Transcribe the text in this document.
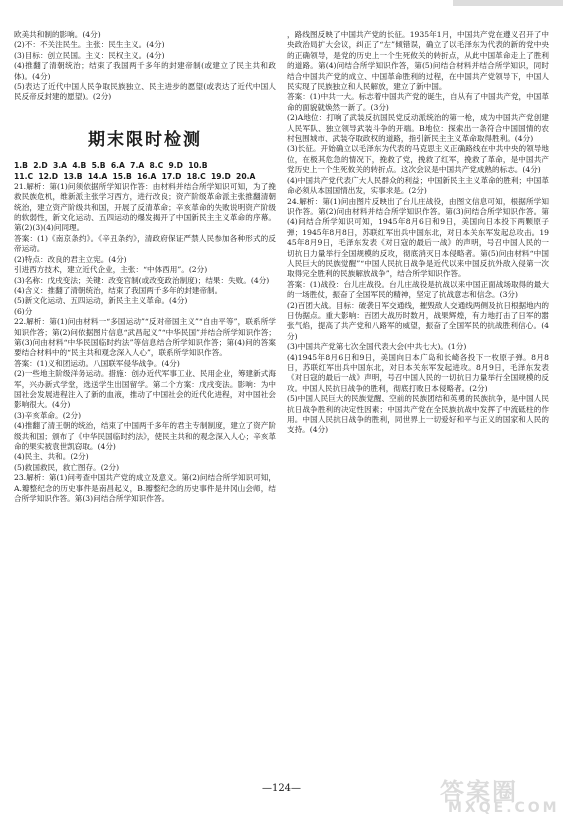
欧美共和制的影响。(4分)

(2)不：不关注民生。主张：民生主义。(4分)

(3)目标：创立民国。主义：民权主义。(4分)

(4)推翻了清朝统治；结束了我国两千多年的封建帝制(或建立了民主共和政体)。(4分)

(5)表达了近代中国人民争取民族独立、民主进步的愿望(或表达了近代中国人民反帝反封建的愿望)。(2分)

期末限时检测
1.B  2.D  3.A  4.B  5.B  6.A  7.A  8.C  9.D  10.B
11.C  12.D  13.B  14.A  15.B  16.A  17.D  18.C  19.D  20.A

21.解析：第(1)问须依据所学知识作答：由材料并结合所学知识可知，为了挽救民族危机，维新派主张学习西方，进行改良；资产阶级革命派主张推翻清朝统治，建立资产阶级共和国，开展了反清革命；辛亥革命的失败说明资产阶级的软弱性，新文化运动、五四运动的爆发揭开了中国新民主主义革命的序幕。第(2)(3)(4)问同理。

答案：(1)《南京条约》。《辛丑条约》，清政府保证严禁人民参加各种形式的反帝运动。

(2)特点：改良的君主立宪。(4分)

引进西方技术，建立近代企业，主张：“中体西用”。(2分)

(3)名称：戊戌变法；关键：改变官制(或改变政治制度)；结果：失败。(4分)

(4)含义：推翻了清朝统治，结束了我国两千多年的封建帝制。

(5)新文化运动、五四运动，新民主主义革命。(4分)

(6)分

22.解析：第(1)问由材料一“多国运动”“反对帝国主义”“自由平等”，联系所学知识作答；第(2)问依据图片信息“武昌起义”“中华民国”并结合所学知识作答；第(3)问由材料“中华民国临时约法”等信息结合所学知识作答；第(4)问的答案要结合材料中的“民主共和观念深入人心”，联系所学知识作答。

答案：(1)义和团运动。八国联军侵华战争。(4分)

(2)一些地主阶级洋务运动。措施：创办近代军事工业、民用企业，筹建新式海军，兴办新式学堂，选送学生出国留学。第二个方案：戊戌变法。影响：为中国社会发展进程注入了新的血液，推动了中国社会的近代化进程，对中国社会影响很大。(4分)

(3)辛亥革命。(2分)

(4)推翻了清王朝的统治，结束了中国两千多年的君主专制制度，建立了资产阶级共和国；颁布了《中华民国临时约法》，使民主共和的观念深入人心；辛亥革命的果实被袁世凯窃取。(4分)

(4)民主、共和。(2分)

(5)救国救民，救亡图存。(2分)

23.解析：第(1)问考查中国共产党的成立及意义。第(2)问结合所学知识可知，A.瓣整纪念的历史事件是南昌起义，B.瓣整纪念的历史事件是井冈山会师，结合所学知识作答。第(3)问结合所学知识作答。

，路线图反映了中国共产党的长征。1935年1月，中国共产党在遵义召开了中央政治局扩大会议，纠正了“左”倾错误，确立了以毛泽东为代表的新的党中央的正确领导，是党的历史上一个生死攸关的转折点，从此中国革命走上了胜利的道路。第(4)问结合所学知识作答，第(5)问结合材料并结合所学知识，同时结合中国共产党的成立、中国革命胜利的过程，在中国共产党领导下，中国人民实现了民族独立和人民解放，建立了新中国。

答案：(1)中共一大。标志着中国共产党的诞生，自从有了中国共产党，中国革命的面貌就焕然一新了。(3分)

(2)A地位：打响了武装反抗国民党反动派统治的第一枪，成为中国共产党创建人民军队、独立领导武装斗争的开端。B地位：探索出一条符合中国国情的农村包围城市、武装夺取政权的道路，指引新民主主义革命取得胜利。(4分)

(3)长征。开始确立以毛泽东为代表的马克思主义正确路线在中共中央的领导地位，在极其危急的情况下，挽救了党，挽救了红军，挽救了革命，是中国共产党历史上一个生死攸关的转折点。这次会议是中国共产党成熟的标志。(4分)

(4)中国共产党代表广大人民群众的利益；中国新民主主义革命的胜利；中国革命必须从本国国情出发，实事求是。(2分)

24.解析：第(1)问由图片反映出了台儿庄战役，由图文信息可知，根据所学知识作答。第(2)问由材料并结合所学知识作答。第(3)问结合所学知识作答。第(4)问结合所学知识可知，1945年8月6日和9日，美国向日本投下两颗原子弹；1945年8月8日，苏联红军出兵中国东北，对日本关东军发起总攻击。1945年8月9日，毛泽东发表《对日寇的最后一战》的声明，号召中国人民的一切抗日力量举行全国规模的反攻，彻底消灭日本侵略者。第(5)问由材料“中国人民巨大的民族觉醒”“中国人民抗日战争是近代以来中国反抗外敌入侵第一次取得完全胜利的民族解放战争”，结合所学知识作答。

答案：(1)战役：台儿庄战役。台儿庄战役是抗战以来中国正面战场取得的最大的一场胜仗，振奋了全国军民的精神，坚定了抗战意志和信念。(3分)

(2)百团大战。目标：破袭日军交通线，摧毁敌人交通线两侧及抗日根据地内的日伪据点。重大影响：百团大战历时数月，战果辉煌，有力地打击了日军的嚣张气焰，提高了共产党和八路军的威望，振奋了全国军民的抗战胜利信心。(4分)

(3)中国共产党第七次全国代表大会(中共七大)。(1分)

(4)1945年8月6日和9日，美国向日本广岛和长崎各投下一枚原子弹。8月8日，苏联红军出兵中国东北，对日本关东军发起进攻。8月9日，毛泽东发表《对日寇的最后一战》声明，号召中国人民的一切抗日力量举行全国规模的反攻。中国人民抗日战争的胜利，彻底打败日本侵略者。(2分)

(5)中国人民巨大的民族觉醒、空前的民族团结和英勇的民族抗争，是中国人民抗日战争胜利的决定性因素；中国共产党在全民族抗战中发挥了中流砥柱的作用。中国人民抗日战争的胜利，同世界上一切爱好和平与正义的国家和人民的支持。(4分)

—124—	答案圈
MXQE.COM
